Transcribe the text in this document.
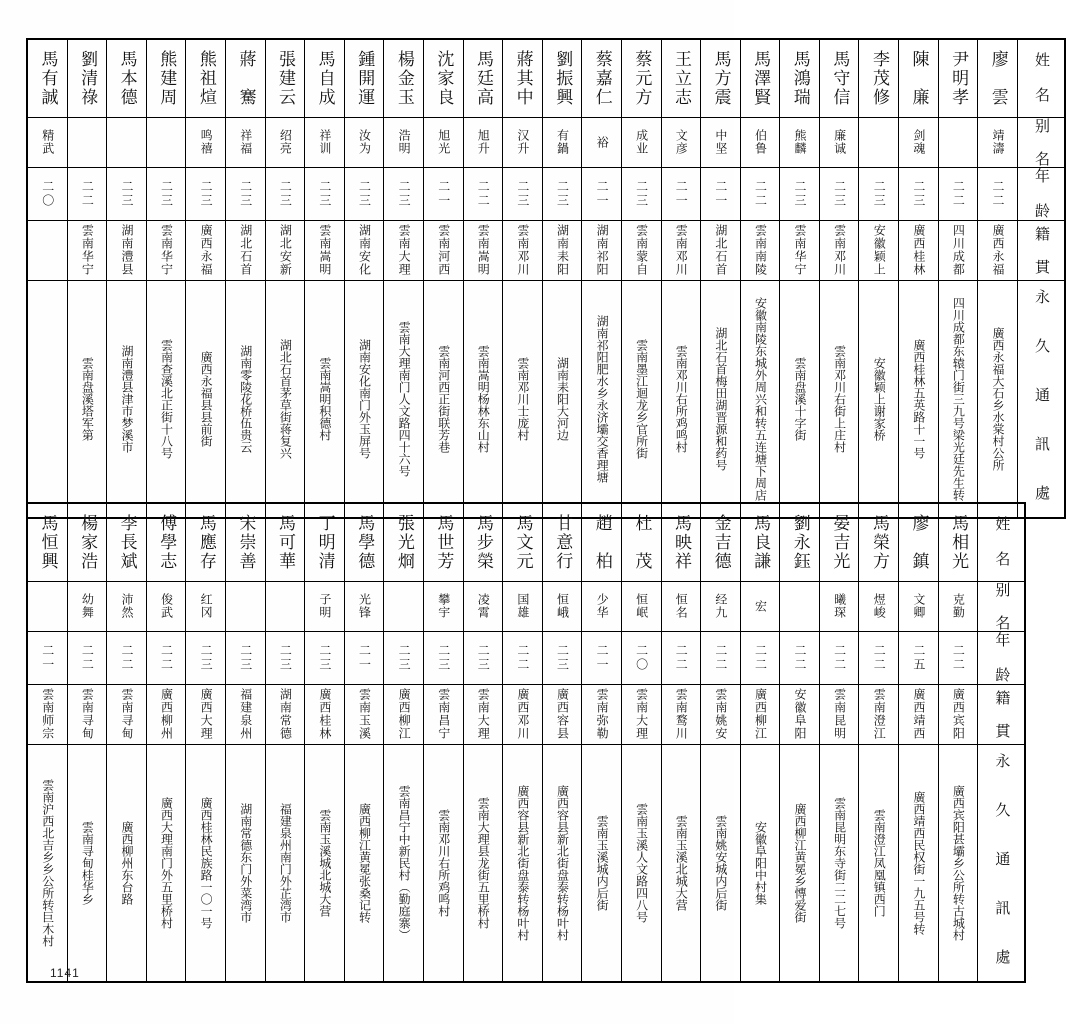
馬有誠	劉清祿	馬本德	熊建周	熊祖煊	蔣　騫	張建云	馬自成	鍾開運	楊金玉	沈家良	馬廷高	蔣其中	劉振興	蔡嘉仁	蔡元方	王立志	馬方震	馬澤賢	馬鴻瑞	馬守信	李茂修	陳　廉	尹明孝	廖　雲	姓 名

精武				鸣禧	祥福	绍亮	祥训	汝为	浩明	旭光	旭升	汉升	有鍋	裕	成业	文彦	中坚	伯鲁	熊麟	廉诚		剑魂		靖濤	别 名

二〇	二二	二三	二三	二三	二三	二三	二三	二三	二三	二一	二二	二三	二三	二一	二三	二一	二一	二二	二三	二三	二三	二三	二二	二二	年 龄

	雲南华宁	湖南澧县	雲南华宁	廣西永福	湖北石首	湖北安新	雲南嵩明	湖南安化	雲南大理	雲南河西	雲南嵩明	雲南邓川	湖南耒阳	湖南祁阳	雲南蒙自	雲南邓川	湖北石首	雲南南陵	雲南华宁	雲南邓川	安徽颖上	廣西桂林	四川成都	廣西永福	籍 貫

	雲南盘溪塔军第	湖南澧县津市梦溪市	雲南查溪北正街十八号	廣西永福县县前街	湖南零陵花桥伍贵云	湖北石首茅草街蒋复兴	雲南嵩明积德村	湖南安化南门外玉屏号	雲南大理南门人文路四十六号	雲南河西正街联芳巷	雲南嵩明杨林东山村	雲南邓川士庞村	湖南耒阳大河边	湖南祁阳肥水乡永济壩交香理塘	雲南墨江迴龙乡官所街	雲南邓川右所鸡鸣村	湖北石首梅田湖晋源和药号	安徽南陵东城外周兴和转五连塘下周店	雲南盘溪十字街	雲南邓川右街上庄村	安徽颖上谢家桥	廣西桂林五英路十一号	四川成都东辕门街三九号梁光廷先生转	廣西永福大石乡水棠村公所	永 久 通 訊 處
馬恒興	楊家浩	李長斌	傅學志	馬應存	宋崇善	馬可華	丁明清	馬學德	張光烱	馬世芳	馬步榮	馬文元	甘意行	趙　柏	杜　茂	馬映祥	金吉德	馬良謙	劉永鈺	晏吉光	馬榮方	廖　鎮	馬相光	姓 名

	幼舞	沛然	俊武	红冈			子明	光锋		攀宇	凌霄	国雄	恒峨	少华	恒岷	恒名	经九	宏		曦琛	煜峻	文卿	克勤	别 名

二一	二二	二二	二二	二三	二三	二三	二三	二一	二三	二三	二三	二二	二三	二一	二〇	二二	二二	二二	二二	二二	二二	二五	二二	年 龄

雲南师宗	雲南寻甸	雲南寻甸	廣西柳州	廣西大理	福建泉州	湖南常德	廣西桂林	雲南玉溪	廣西柳江	雲南昌宁	雲南大理	廣西邓川	廣西容县	雲南弥勒	雲南大理	雲南鹜川	雲南姚安	廣西柳江	安徽阜阳	雲南昆明	雲南澄江	廣西靖西	廣西宾阳	籍 貫

雲南沪西北吉乡乡公所转巨木村	雲南寻甸桂华乡	廣西柳州东台路	廣西大理南门外五里桥村	廣西桂林民族路一〇一号	湖南常德东门外菜湾市	福建泉州南门外芷湾市	雲南玉溪城北城大营	廣西柳江黄冕张桑记转	雲南昌宁中新民村（勤庭寨）	雲南邓川右所鸡鸣村	雲南大理县龙街五里桥村	廣西容县新北街盘泰转杨叶村	廣西容县新北街盘泰转杨叶村	雲南玉溪城内后街	雲南玉溪人文路四八号	雲南玉溪北城大营	雲南姚安城内后街	安徽阜阳中村集	廣西柳江黄冕乡慱爱街	雲南昆明东寺街二二七号	雲南澄江凤凰镇西门	廣西靖西民权街一九五号转	廣西宾阳甚壩乡公所转古城村	永 久 通 訊 處
1141
